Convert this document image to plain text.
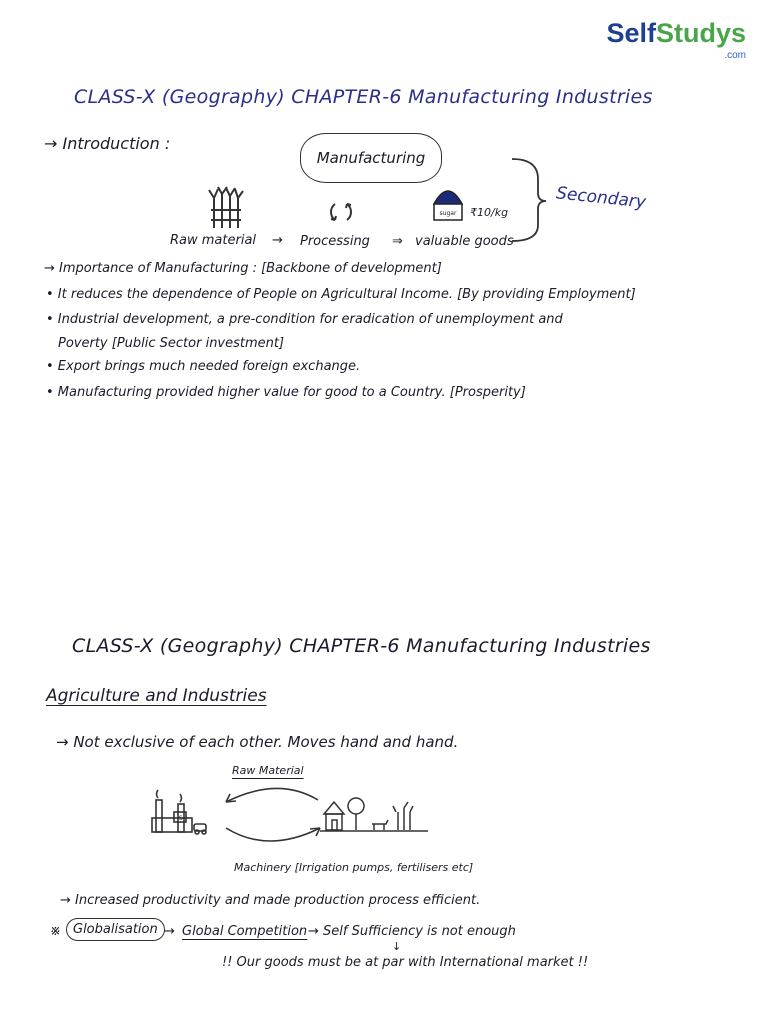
SelfStudys
.com
CLASS-X (Geography) CHAPTER-6 Manufacturing Industries
→ Introduction :
Manufacturing
sugar ₹10/kg
Raw material → Processing ⇒ valuable goods
Secondary
→ Importance of Manufacturing : [Backbone of development]
• It reduces the dependence of People on Agricultural Income. [By providing Employment]
• Industrial development, a pre-condition for eradication of unemployment and
Poverty [Public Sector investment]
• Export brings much needed foreign exchange.
• Manufacturing provided higher value for good to a Country. [Prosperity]
CLASS-X (Geography) CHAPTER-6 Manufacturing Industries
Agriculture and Industries
→ Not exclusive of each other. Moves hand and hand.
Raw Material
IS
Machinery [Irrigation pumps, fertilisers etc]
→ Increased productivity and made production process efficient.
※ Globalisation → Global Competition → Self Sufficiency is not enough
↓
!! Our goods must be at par with International market !!
